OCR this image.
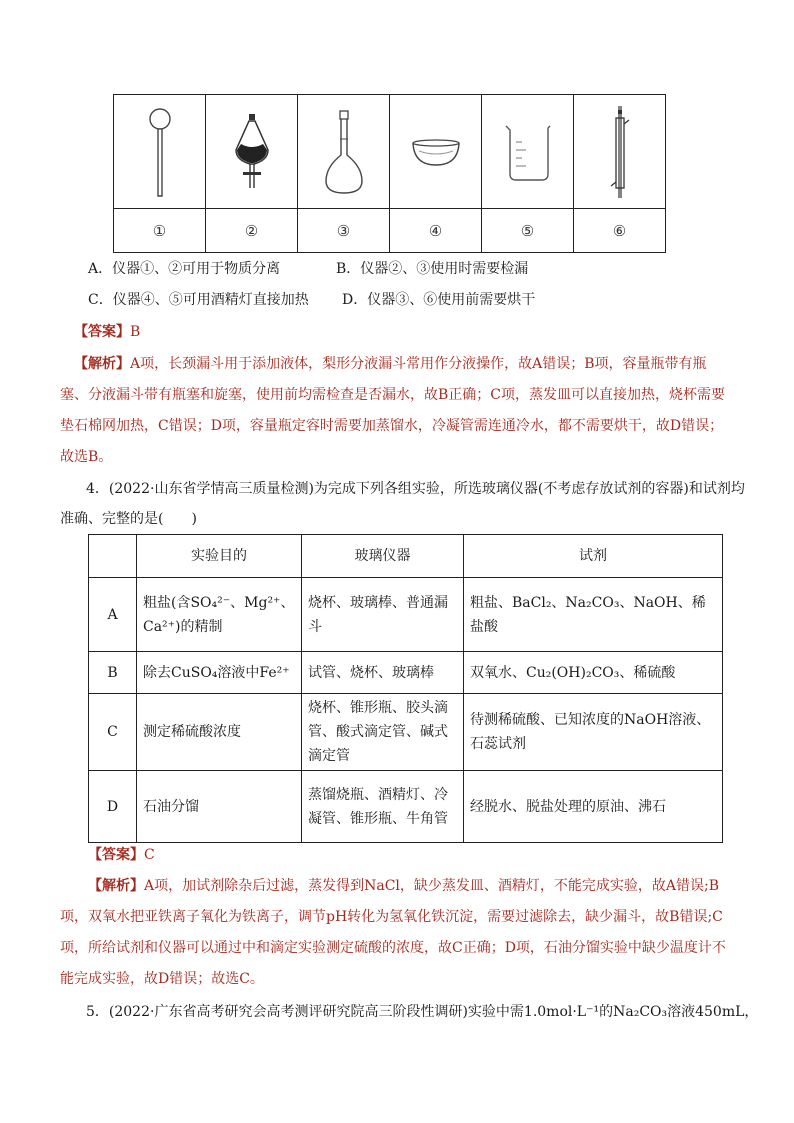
①	②	③	④	⑤	⑥
A．仪器①、②可用于物质分离	B．仪器②、③使用时需要检漏
C．仪器④、⑤可用酒精灯直接加热 D．仪器③、⑥使用前需要烘干
【答案】B
【解析】A项，长颈漏斗用于添加液体，梨形分液漏斗常用作分液操作，故A错误；B项，容量瓶带有瓶
塞、分液漏斗带有瓶塞和旋塞，使用前均需检查是否漏水，故B正确；C项，蒸发皿可以直接加热，烧杯需要
垫石棉网加热，C错误；D项，容量瓶定容时需要加蒸馏水，冷凝管需连通冷水，都不需要烘干，故D错误；
故选B。
4．(2022·山东省学情高三质量检测)为完成下列各组实验，所选玻璃仪器(不考虑存放试剂的容器)和试剂均
准确、完整的是(　　)
	实验目的	玻璃仪器	试剂
A	粗盐(含SO₄²⁻、Mg²⁺、Ca²⁺)的精制	烧杯、玻璃棒、普通漏斗	粗盐、BaCl₂、Na₂CO₃、NaOH、稀盐酸
B	除去CuSO₄溶液中Fe²⁺	试管、烧杯、玻璃棒	双氧水、Cu₂(OH)₂CO₃、稀硫酸
C	测定稀硫酸浓度	烧杯、锥形瓶、胶头滴管、酸式滴定管、碱式滴定管	待测稀硫酸、已知浓度的NaOH溶液、石蕊试剂
D	石油分馏	蒸馏烧瓶、酒精灯、冷凝管、锥形瓶、牛角管	经脱水、脱盐处理的原油、沸石
【答案】C
【解析】A项，加试剂除杂后过滤，蒸发得到NaCl，缺少蒸发皿、酒精灯，不能完成实验，故A错误;B
项，双氧水把亚铁离子氧化为铁离子，调节pH转化为氢氧化铁沉淀，需要过滤除去，缺少漏斗，故B错误;C
项，所给试剂和仪器可以通过中和滴定实验测定硫酸的浓度，故C正确；D项，石油分馏实验中缺少温度计不
能完成实验，故D错误；故选C。
5．(2022·广东省高考研究会高考测评研究院高三阶段性调研)实验中需1.0mol·L⁻¹的Na₂CO₃溶液450mL，
